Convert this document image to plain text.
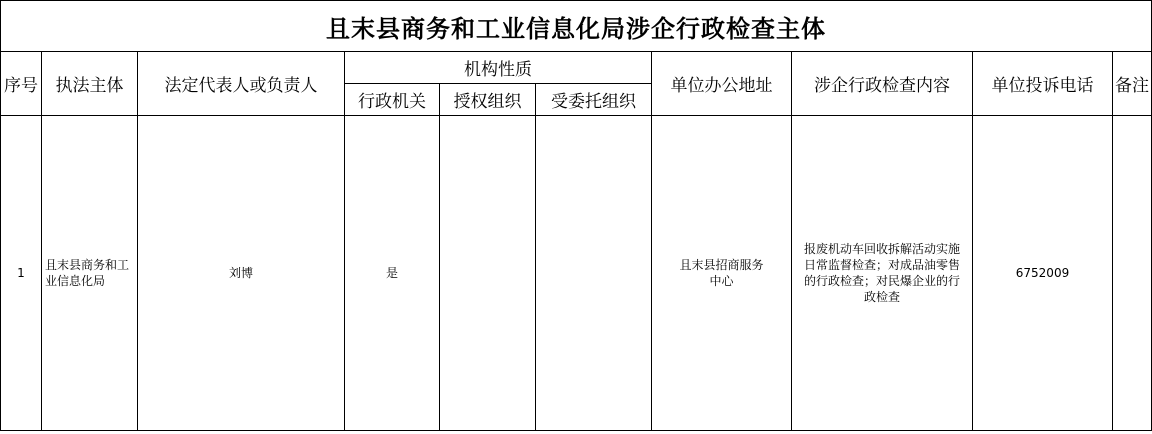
且末县商务和工业信息化局涉企行政检查主体									
序号	执法主体	法定代表人或负责人	机构性质			单位办公地址	涉企行政检查内容	单位投诉电话	备注
			行政机关	授权组织	受委托组织				
1	且末县商务和工业信息化局	刘博	是			且末县招商服务中心	报废机动车回收拆解活动实施日常监督检查；对成品油零售的行政检查；对民爆企业的行政检查	6752009	
